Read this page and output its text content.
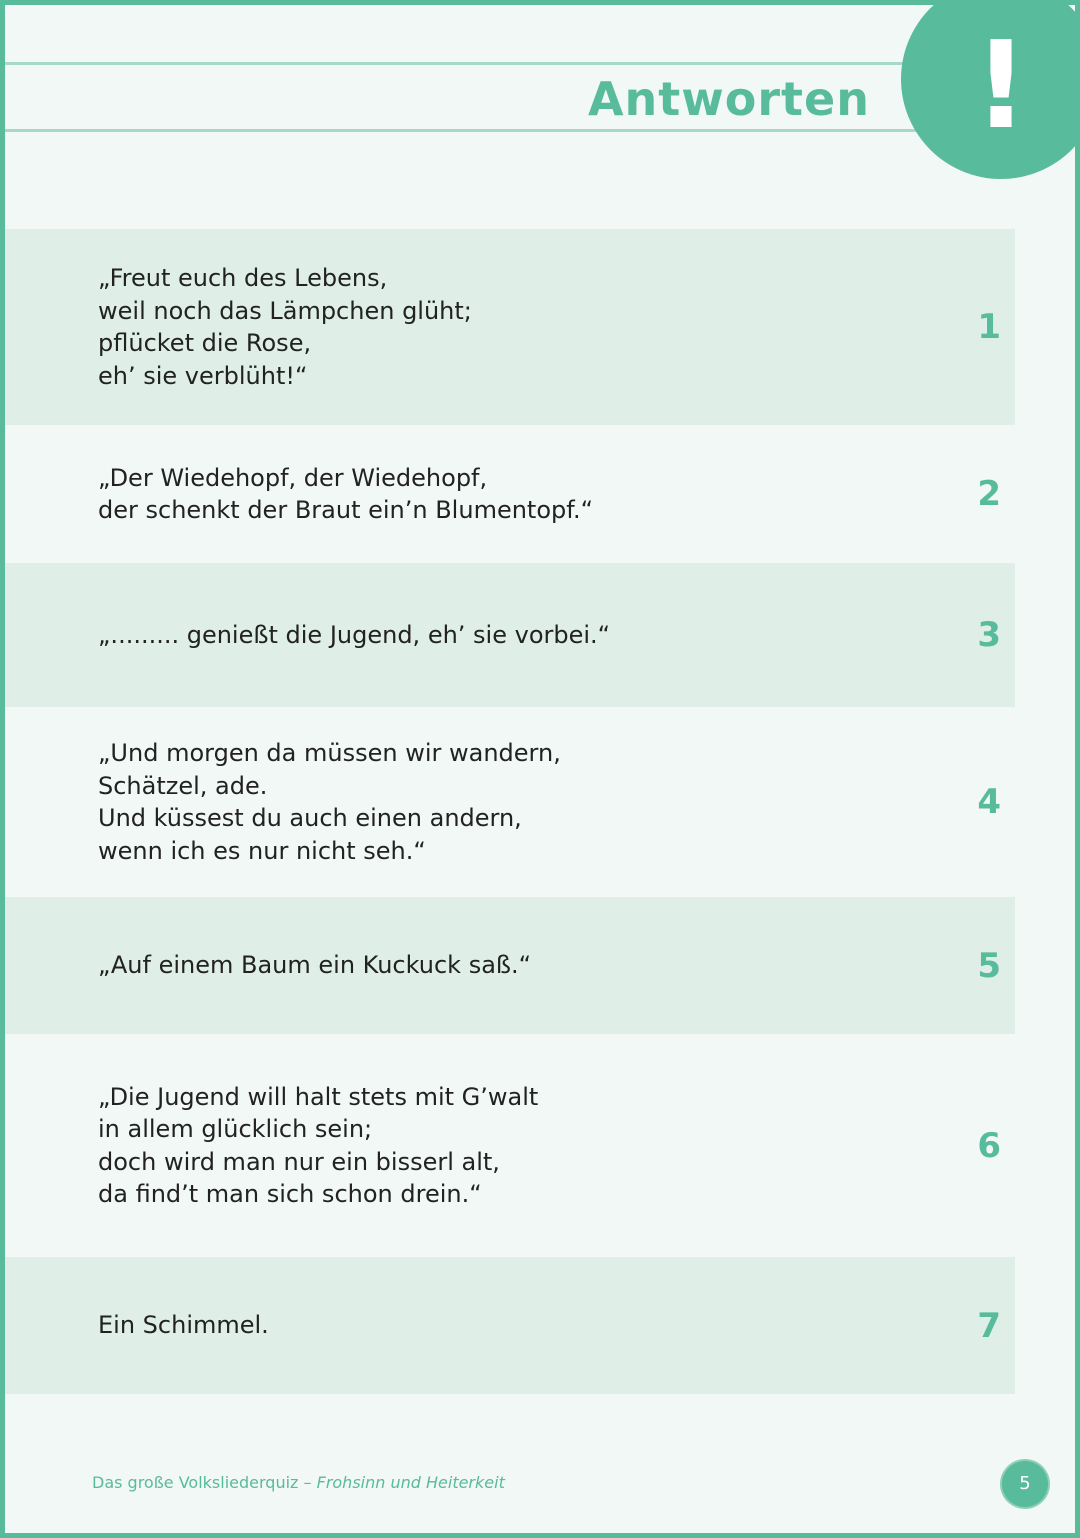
Antworten !
„Freut euch des Lebens,
weil noch das Lämpchen glüht;
pflücket die Rose,
eh’ sie verblüht!“
1
„Der Wiedehopf, der Wiedehopf,
der schenkt der Braut ein’n Blumentopf.“	2
„......... genießt die Jugend, eh’ sie vorbei.“	3
„Und morgen da müssen wir wandern,
Schätzel, ade.
Und küssest du auch einen andern,
wenn ich es nur nicht seh.“
4
„Auf einem Baum ein Kuckuck saß.“	5
„Die Jugend will halt stets mit G’walt
in allem glücklich sein;
doch wird man nur ein bisserl alt,
da find’t man sich schon drein.“
6
Ein Schimmel.	7
Das große Volksliederquiz – Frohsinn und Heiterkeit	5
